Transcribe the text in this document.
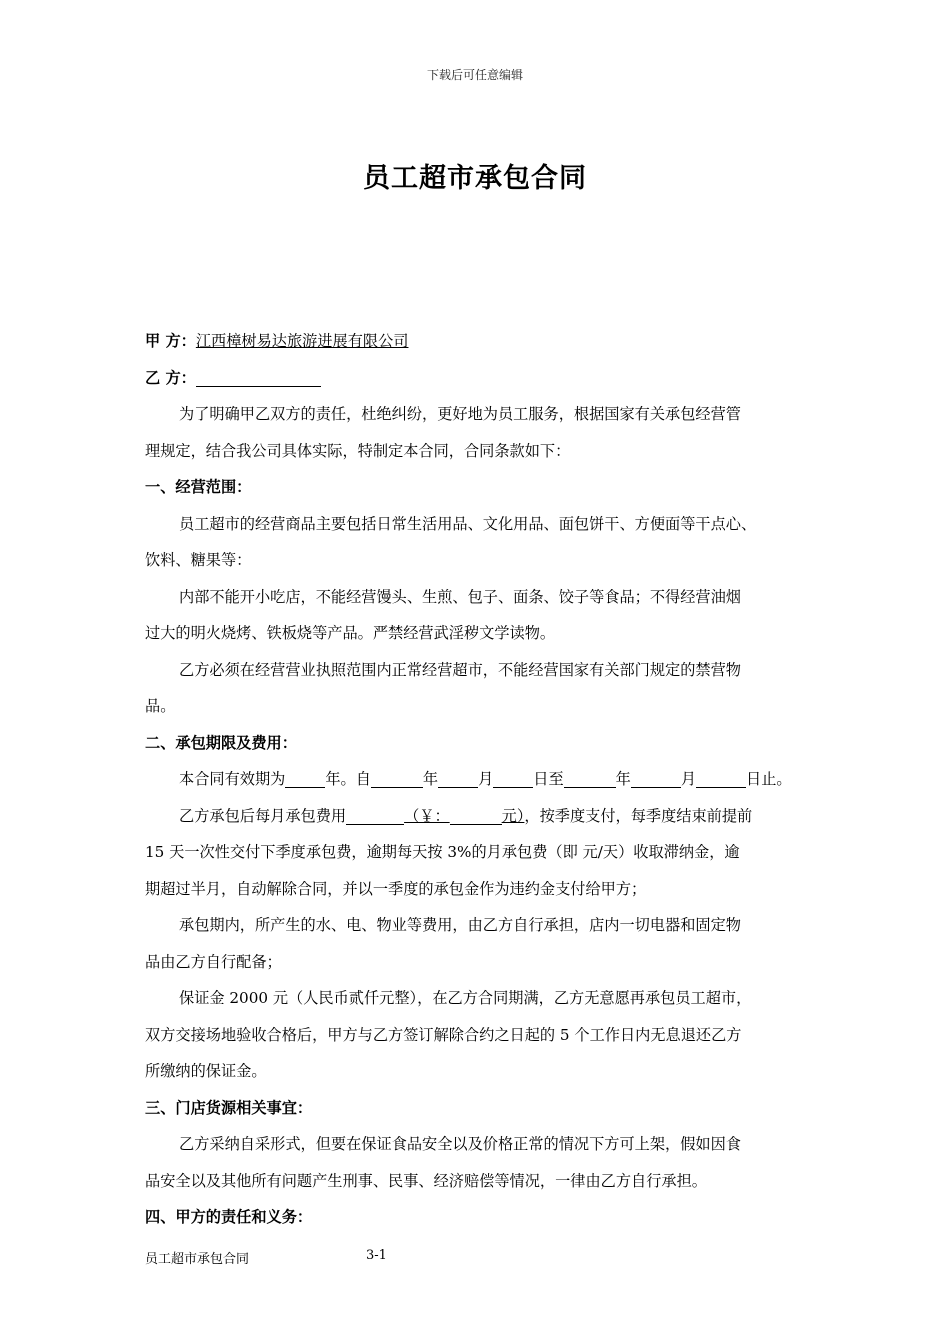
下载后可任意编辑
员工超市承包合同
甲 方：江西樟树易达旅游进展有限公司
乙 方：
为了明确甲乙双方的责任，杜绝纠纷，更好地为员工服务，根据国家有关承包经营管
理规定，结合我公司具体实际，特制定本合同，合同条款如下：
一、经营范围：
员工超市的经营商品主要包括日常生活用品、文化用品、面包饼干、方便面等干点心、
饮料、糖果等：
内部不能开小吃店，不能经营馒头、生煎、包子、面条、饺子等食品；不得经营油烟
过大的明火烧烤、铁板烧等产品。严禁经营武淫秽文学读物。
乙方必须在经营营业执照范围内正常经营超市，不能经营国家有关部门规定的禁营物
品。
二、承包期限及费用：
本合同有效期为	年。自	年	月	日至	年	月	日止。
乙方承包后每月承包费用	（￥：	元），按季度支付，每季度结束前提前
15 天一次性交付下季度承包费，逾期每天按 3%的月承包费（即 元/天）收取滞纳金，逾
期超过半月，自动解除合同，并以一季度的承包金作为违约金支付给甲方；
承包期内，所产生的水、电、物业等费用，由乙方自行承担，店内一切电器和固定物
品由乙方自行配备；
保证金 2000 元（人民币贰仟元整），在乙方合同期满，乙方无意愿再承包员工超市，
双方交接场地验收合格后，甲方与乙方签订解除合约之日起的 5 个工作日内无息退还乙方
所缴纳的保证金。
三、门店货源相关事宜：
乙方采纳自采形式，但要在保证食品安全以及价格正常的情况下方可上架，假如因食
品安全以及其他所有问题产生刑事、民事、经济赔偿等情况，一律由乙方自行承担。
四、甲方的责任和义务：
员工超市承包合同	3-1
